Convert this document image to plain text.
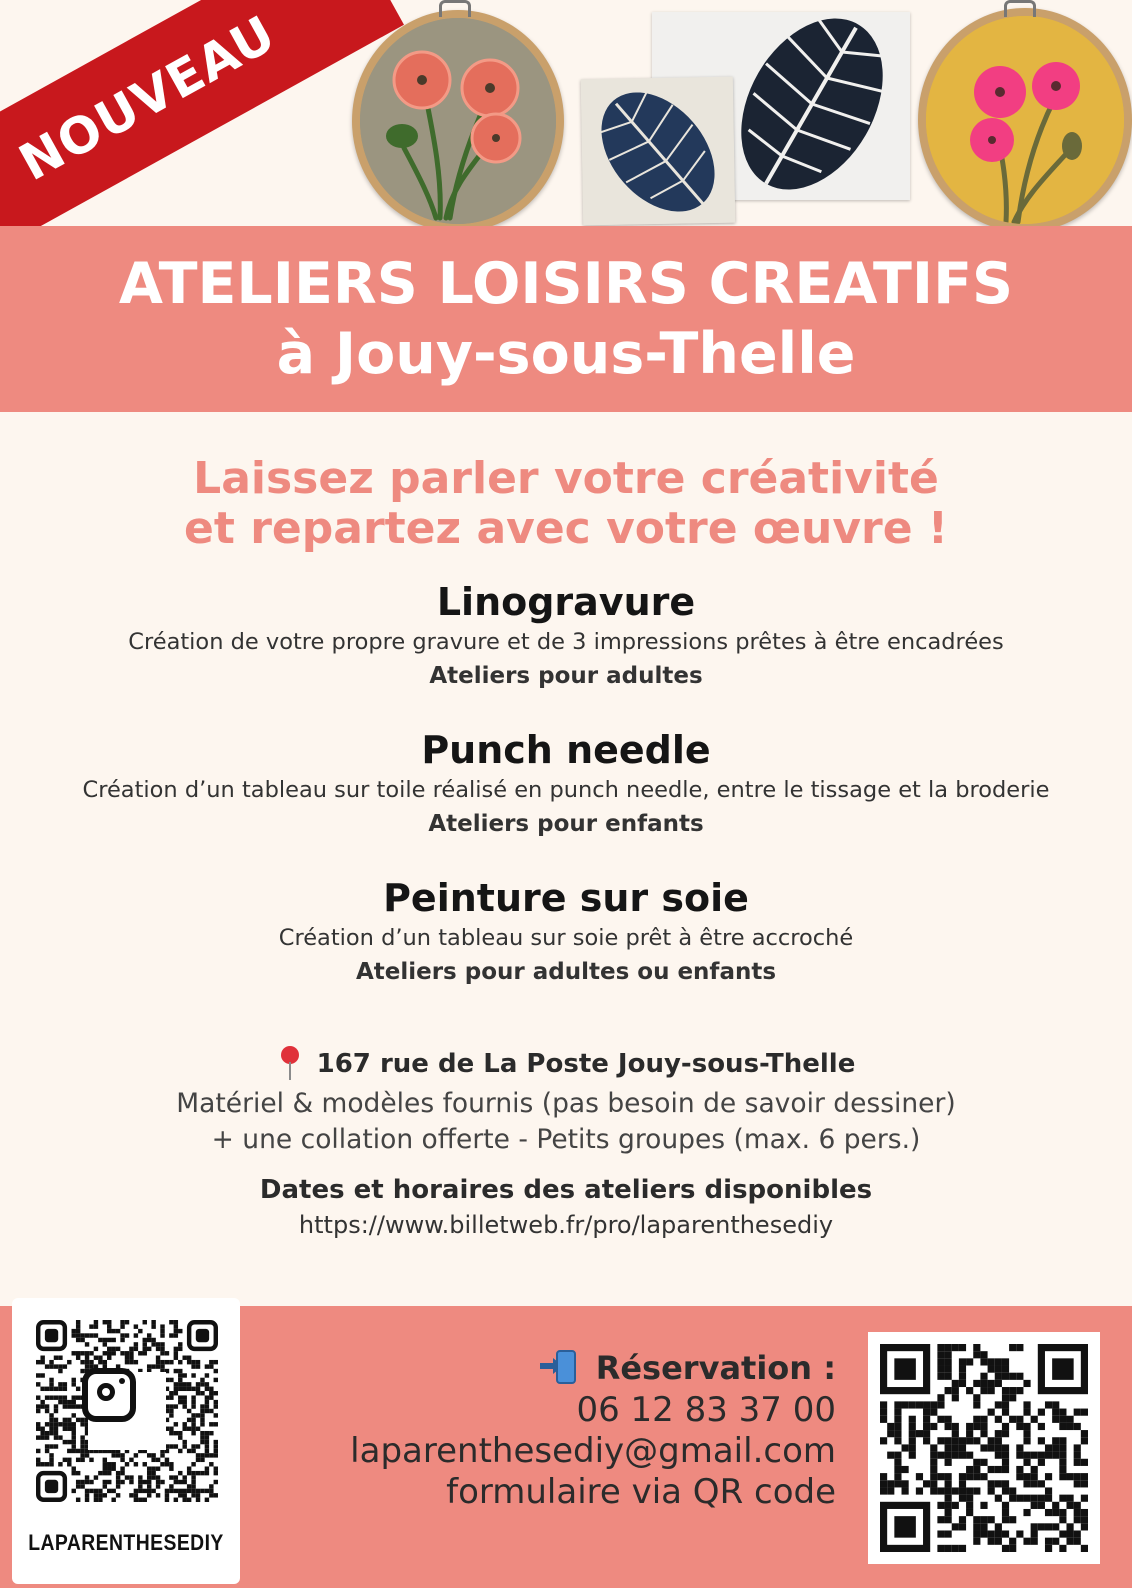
NOUVEAU
ATELIERS LOISIRS CREATIFS
à Jouy-sous-Thelle
Laissez parler votre créativité
et repartez avec votre œuvre !
Linogravure
Création de votre propre gravure et de 3 impressions prêtes à être encadrées
Ateliers pour adultes
Punch needle
Création d’un tableau sur toile réalisé en punch needle, entre le tissage et la broderie
Ateliers pour enfants
Peinture sur soie
Création d’un tableau sur soie prêt à être accroché
Ateliers pour adultes ou enfants
167 rue de La Poste Jouy-sous-Thelle
Matériel & modèles fournis (pas besoin de savoir dessiner)
+ une collation offerte - Petits groupes (max. 6 pers.)
Dates et horaires des ateliers disponibles
https://www.billetweb.fr/pro/laparenthesediy
LAPARENTHESEDIY
Réservation :
06 12 83 37 00
laparenthesediy@gmail.com
formulaire via QR code
